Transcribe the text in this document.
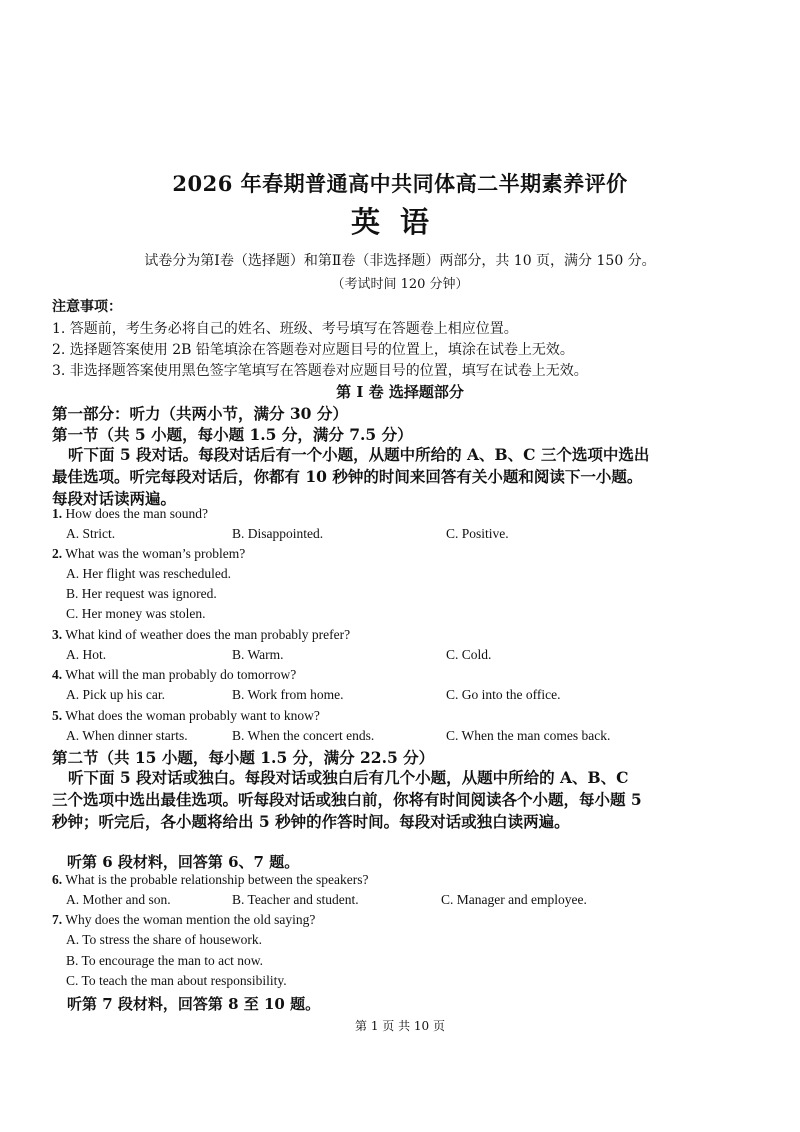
2026 年春期普通高中共同体高二半期素养评价
英语
试卷分为第Ⅰ卷（选择题）和第Ⅱ卷（非选择题）两部分，共 10 页，满分 150 分。
（考试时间 120 分钟）
注意事项：
1. 答题前，考生务必将自己的姓名、班级、考号填写在答题卷上相应位置。
2. 选择题答案使用 2B 铅笔填涂在答题卷对应题目号的位置上，填涂在试卷上无效。
3. 非选择题答案使用黑色签字笔填写在答题卷对应题目号的位置，填写在试卷上无效。
第 I 卷 选择题部分
第一部分：听力（共两小节，满分 30 分）
第一节（共 5 小题，每小题 1.5 分，满分 7.5 分）
听下面 5 段对话。每段对话后有一个小题，从题中所给的 A、B、C 三个选项中选出最佳选项。听完每段对话后，你都有 10 秒钟的时间来回答有关小题和阅读下一小题。每段对话读两遍。
1. How does the man sound?
A. Strict.	B. Disappointed.	C. Positive.
2. What was the woman’s problem?
A. Her flight was rescheduled.
B. Her request was ignored.
C. Her money was stolen.
3. What kind of weather does the man probably prefer?
A. Hot.	B. Warm.	C. Cold.
4. What will the man probably do tomorrow?
A. Pick up his car.	B. Work from home.	C. Go into the office.
5. What does the woman probably want to know?
A. When dinner starts.	B. When the concert ends.	C. When the man comes back.
第二节（共 15 小题，每小题 1.5 分，满分 22.5 分）
听下面 5 段对话或独白。每段对话或独白后有几个小题，从题中所给的 A、B、C 三个选项中选出最佳选项。听每段对话或独白前，你将有时间阅读各个小题，每小题 5 秒钟；听完后，各小题将给出 5 秒钟的作答时间。每段对话或独白读两遍。
听第 6 段材料，回答第 6、7 题。
6. What is the probable relationship between the speakers?
A. Mother and son.	B. Teacher and student.	C. Manager and employee.
7. Why does the woman mention the old saying?
A. To stress the share of housework.
B. To encourage the man to act now.
C. To teach the man about responsibility.
听第 7 段材料，回答第 8 至 10 题。
第 1 页 共 10 页
